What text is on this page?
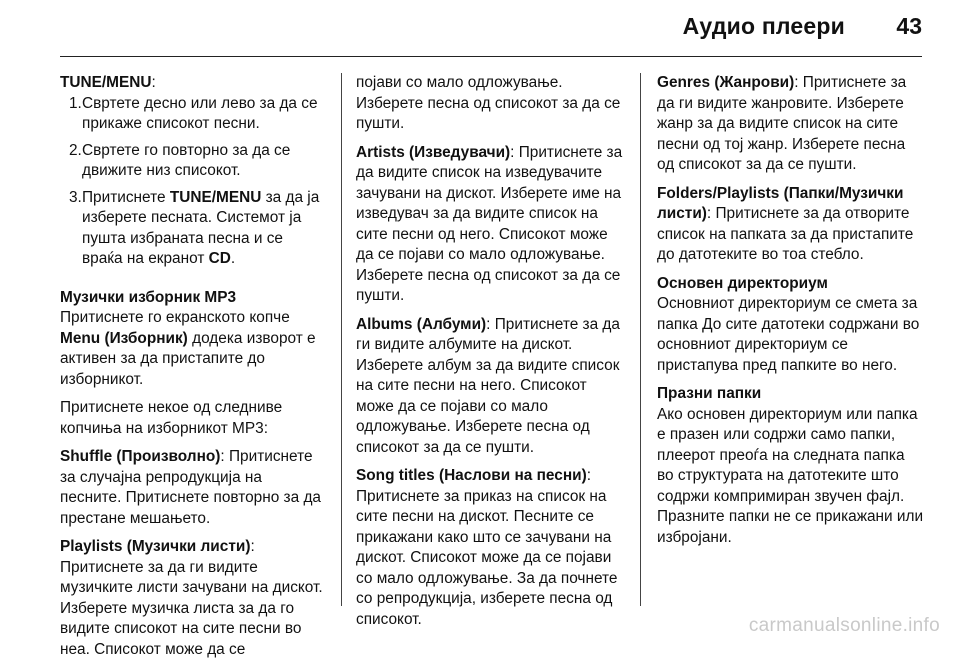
Аудио плеери 43

TUNE/MENU:

1. Свртете десно или лево за да се прикаже списокот песни.
2. Свртете го повторно за да се движите низ списокот.
3. Притиснете TUNE/MENU за да ја изберете песната. Системот ја пушта избраната песна и се враќа на екранот CD.

Музички изборник MP3

Притиснете го екранското копче Menu (Изборник) додека изворот е активен за да пристапите до изборникот.

Притиснете некое од следниве копчиња на изборникот MP3:

Shuffle (Произволно): Притиснете за случајна репродукција на песните. Притиснете повторно за да престане мешањето.

Playlists (Музички листи):

Притиснете за да ги видите музичките листи зачувани на дискот. Изберете музичка листа за да го видите списокот на сите песни во неа. Списокот може да се

појави со мало одложување. Изберете песна од списокот за да се пушти.

Artists (Изведувачи): Притиснете за да видите список на изведувачите зачувани на дискот. Изберете име на изведувач за да видите список на сите песни од него. Списокот може да се појави со мало одложување. Изберете песна од списокот за да се пушти.

Albums (Албуми): Притиснете за да ги видите албумите на дискот. Изберете албум за да видите список на сите песни на него. Списокот може да се појави со мало одложување. Изберете песна од списокот за да се пушти.

Song titles (Наслови на песни):

Притиснете за приказ на список на сите песни на дискот. Песните се прикажани како што се зачувани на дискот. Списокот може да се појави со мало одложување. За да почнете со репродукција, изберете песна од списокот.

Genres (Жанрови): Притиснете за да ги видите жанровите. Изберете жанр за да видите список на сите песни од тој жанр. Изберете песна од списокот за да се пушти.

Folders/Playlists (Папки/Музички листи): Притиснете за да отворите список на папката за да пристапите до датотеките во тоа стебло.

Основен директориум

Основниот директориум се смета за папка До сите датотеки содржани во основниот директориум се пристапува пред папките во него.

Празни папки

Ако основен директориум или папка е празен или содржи само папки, плеерот преоѓа на следната папка во структурата на датотеките што содржи компримиран звучен фајл. Празните папки не се прикажани или избројани.

carmanualsonline.info
